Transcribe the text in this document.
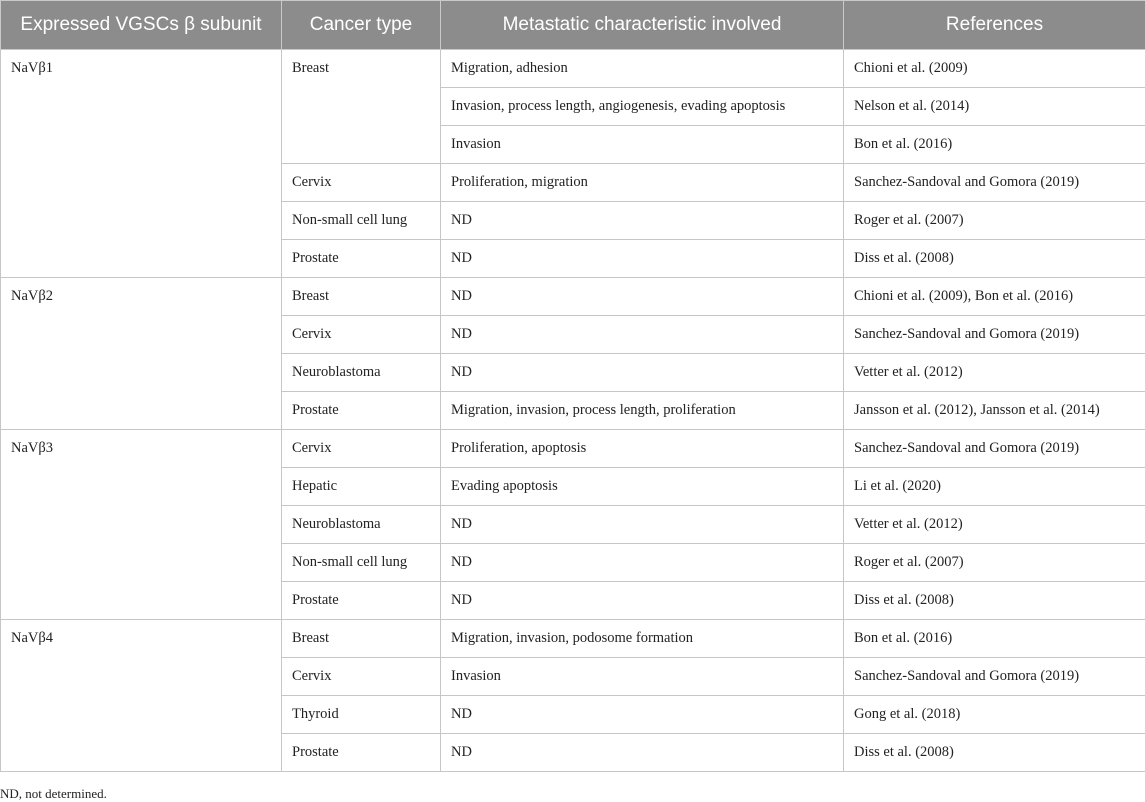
Expressed VGSCs β subunit	Cancer type	Metastatic characteristic involved	References
NaVβ1	Breast	Migration, adhesion	Chioni et al. (2009)
		Invasion, process length, angiogenesis, evading apoptosis	Nelson et al. (2014)
		Invasion	Bon et al. (2016)
	Cervix	Proliferation, migration	Sanchez-Sandoval and Gomora (2019)
	Non-small cell lung	ND	Roger et al. (2007)
	Prostate	ND	Diss et al. (2008)
NaVβ2	Breast	ND	Chioni et al. (2009), Bon et al. (2016)
	Cervix	ND	Sanchez-Sandoval and Gomora (2019)
	Neuroblastoma	ND	Vetter et al. (2012)
	Prostate	Migration, invasion, process length, proliferation	Jansson et al. (2012), Jansson et al. (2014)
NaVβ3	Cervix	Proliferation, apoptosis	Sanchez-Sandoval and Gomora (2019)
	Hepatic	Evading apoptosis	Li et al. (2020)
	Neuroblastoma	ND	Vetter et al. (2012)
	Non-small cell lung	ND	Roger et al. (2007)
	Prostate	ND	Diss et al. (2008)
NaVβ4	Breast	Migration, invasion, podosome formation	Bon et al. (2016)
	Cervix	Invasion	Sanchez-Sandoval and Gomora (2019)
	Thyroid	ND	Gong et al. (2018)
	Prostate	ND	Diss et al. (2008)
ND, not determined.
